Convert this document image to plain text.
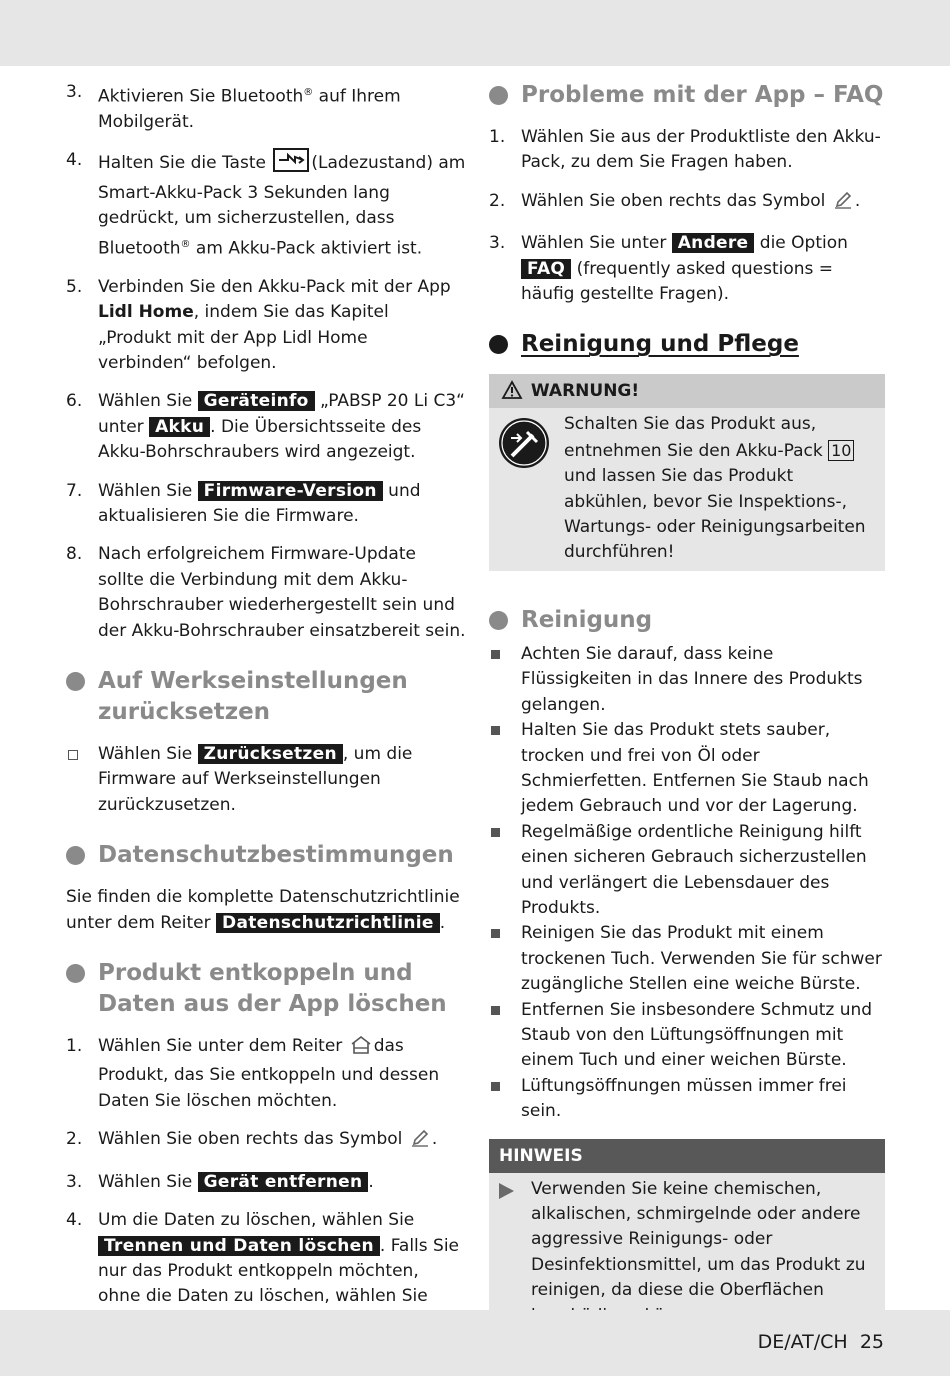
3. Aktivieren Sie Bluetooth® auf Ihrem Mobilgerät.
4. Halten Sie die Taste	(Ladezustand) am Smart-Akku-Pack 3 Sekunden lang gedrückt, um sicherzustellen, dass Bluetooth® am Akku-Pack aktiviert ist.
5. Verbinden Sie den Akku-Pack mit der App Lidl Home, indem Sie das Kapitel „Produkt mit der App Lidl Home verbinden“ befolgen.
6. Wählen Sie Geräteinfo „PABSP 20 Li C3“ unter Akku . Die Übersichtsseite des Akku-Bohrschraubers wird angezeigt.
7. Wählen Sie Firmware-Version und aktualisieren Sie die Firmware.
8. Nach erfolgreichem Firmware-Update sollte die Verbindung mit dem Akku-Bohrschrauber wiederhergestellt sein und der Akku-Bohrschrauber einsatzbereit sein.
Auf Werkseinstellungen zurücksetzen
Wählen Sie Zurücksetzen , um die Firmware auf Werkseinstellungen zurückzusetzen.
Datenschutzbestimmungen
Sie finden die komplette Datenschutzrichtlinie unter dem Reiter Datenschutzrichtlinie .
Produkt entkoppeln und Daten aus der App löschen
1. Wählen Sie unter dem Reiter das Produkt, das Sie entkoppeln und dessen Daten Sie löschen möchten.
2. Wählen Sie oben rechts das Symbol .
3. Wählen Sie Gerät entfernen .
4. Um die Daten zu löschen, wählen Sie Trennen und Daten löschen . Falls Sie nur das Produkt entkoppeln möchten, ohne die Daten zu löschen, wählen Sie
Probleme mit der App – FAQ
1. Wählen Sie aus der Produktliste den Akku-Pack, zu dem Sie Fragen haben.
2. Wählen Sie oben rechts das Symbol .
3. Wählen Sie unter Andere die Option FAQ (frequently asked questions = häufig gestellte Fragen).
Reinigung und Pflege
WARNUNG!
Schalten Sie das Produkt aus, entnehmen Sie den Akku-Pack 10 und lassen Sie das Produkt abkühlen, bevor Sie Inspektions-, Wartungs- oder Reinigungsarbeiten durchführen!
Reinigung
Achten Sie darauf, dass keine Flüssigkeiten in das Innere des Produkts gelangen.
Halten Sie das Produkt stets sauber, trocken und frei von Öl oder Schmierfetten. Entfernen Sie Staub nach jedem Gebrauch und vor der Lagerung.
Regelmäßige ordentliche Reinigung hilft einen sicheren Gebrauch sicherzustellen und verlängert die Lebensdauer des Produkts.
Reinigen Sie das Produkt mit einem trockenen Tuch. Verwenden Sie für schwer zugängliche Stellen eine weiche Bürste.
Entfernen Sie insbesondere Schmutz und Staub von den Lüftungsöffnungen mit einem Tuch und einer weichen Bürste.
Lüftungsöffnungen müssen immer frei sein.
HINWEIS
Verwenden Sie keine chemischen, alkalischen, schmirgelnde oder andere aggressive Reinigungs- oder Desinfektionsmittel, um das Produkt zu reinigen, da diese die Oberflächen
DE/AT/CH 25
